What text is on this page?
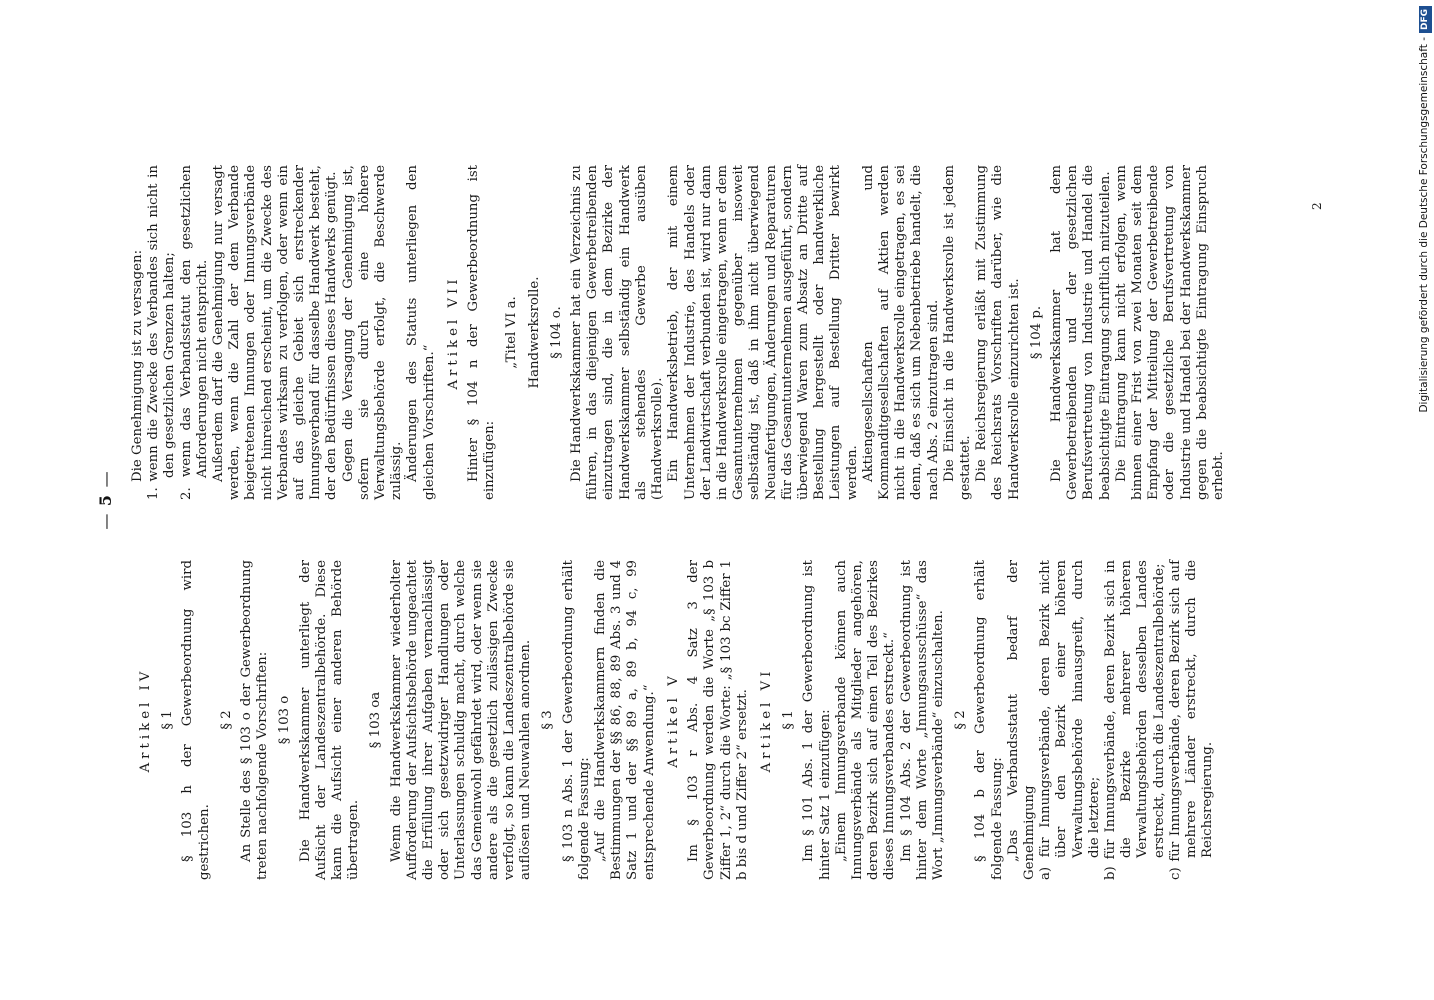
— 5 —
Artikel IV § 1 § 103 h der Gewerbeordnung wird gestrichen.

§ 2 An Stelle des § 103 o der Gewerbeordnung treten nachfolgende Vorschriften: § 103 o Die Handwerkskammer unterliegt der Aufsicht der Landeszentralbehörde. Diese kann die Aufsicht einer anderen Behörde übertragen.

§ 103 oa Wenn die Handwerkskammer wiederholter Aufforderung der Aufsichtsbehörde ungeachtet die Erfüllung ihrer Aufgaben vernachlässigt oder sich gesetzwidriger Handlungen oder Unterlassungen schuldig macht, durch welche das Gemeinwohl gefährdet wird, oder wenn sie andere als die gesetzlich zulässigen Zwecke verfolgt, so kann die Landeszentralbehörde sie auflösen und Neuwahlen anordnen. § 3 § 103 n Abs. 1 der Gewerbeordnung erhält folgende Fassung: „Auf die Handwerkskammern finden die Bestimmungen der §§ 86, 88, 89 Abs. 3 und 4 Satz 1 und der §§ 89 a, 89 b, 94 c, 99 entsprechende Anwendung.“ Artikel V Im § 103 r Abs. 4 Satz 3 der Gewerbeordnung werden die Worte „§ 103 b Ziffer 1, 2“ durch die Worte: „§ 103 bc Ziffer 1 b bis d und Ziffer 2“ ersetzt. Artikel VI § 1 Im § 101 Abs. 1 der Gewerbeordnung ist hinter Satz 1 einzufügen: „Einem Innungsverbande können auch Innungsverbände als Mitglieder angehören, deren Bezirk sich auf einen Teil des Bezirkes dieses Innungsverbandes erstreckt.“ Im § 104 Abs. 2 der Gewerbeordnung ist hinter dem Worte „Innungsausschüsse“ das Wort „Innungsverbände“ einzuschalten. § 2 § 104 b der Gewerbeordnung erhält folgende Fassung: „Das Verbandsstatut bedarf der Genehmigung a) für Innungsverbände, deren Bezirk nicht über den Bezirk einer höheren Verwaltungsbehörde hinausgreift, durch die letztere; b) für Innungsverbände, deren Bezirk sich in die Bezirke mehrerer höheren Verwaltungsbehörden desselben Landes erstreckt, durch die Landeszentralbehörde; c) für Innungsverbände, deren Bezirk sich auf mehrere Länder erstreckt, durch die Reichsregierung.

Die Genehmigung ist zu versagen: 1. wenn die Zwecke des Verbandes sich nicht in den gesetzlichen Grenzen halten; 2. wenn das Verbandsstatut den gesetzlichen Anforderungen nicht entspricht. Außerdem darf die Genehmigung nur versagt werden, wenn die Zahl der dem Verbande beigetretenen Innungen oder Innungsverbände nicht hinreichend erscheint, um die Zwecke des Verbandes wirksam zu verfolgen, oder wenn ein auf das gleiche Gebiet sich erstreckender Innungsverband für dasselbe Handwerk besteht, der den Bedürfnissen dieses Handwerks genügt. Gegen die Versagung der Genehmigung ist, sofern sie durch eine höhere Verwaltungsbehörde erfolgt, die Beschwerde zulässig. Änderungen des Statuts unterliegen den gleichen Vorschriften.“

Artikel VII Hinter § 104 n der Gewerbeordnung ist einzufügen:

„Titel VI a. Handwerksrolle. § 104 o. Die Handwerkskammer hat ein Verzeichnis zu führen, in das diejenigen Gewerbetreibenden einzutragen sind, die in dem Bezirke der Handwerkskammer selbständig ein Handwerk als stehendes Gewerbe ausüben (Handwerksrolle). Ein Handwerksbetrieb, der mit einem Unternehmen der Industrie, des Handels oder der Landwirtschaft verbunden ist, wird nur dann in die Handwerksrolle eingetragen, wenn er dem Gesamtunternehmen gegenüber insoweit selbständig ist, daß in ihm nicht überwiegend Neuanfertigungen, Änderungen und Reparaturen für das Gesamtunternehmen ausgeführt, sondern überwiegend Waren zum Absatz an Dritte auf Bestellung hergestellt oder handwerkliche Leistungen auf Bestellung Dritter bewirkt werden. Aktiengesellschaften und Kommanditgesellschaften auf Aktien werden nicht in die Handwerksrolle eingetragen, es sei denn, daß es sich um Nebenbetriebe handelt, die nach Abs. 2 einzutragen sind. Die Einsicht in die Handwerksrolle ist jedem gestattet. Die Reichsregierung erläßt mit Zustimmung des Reichsrats Vorschriften darüber, wie die Handwerksrolle einzurichten ist. § 104 p. Die Handwerkskammer hat dem Gewerbetreibenden und der gesetzlichen Berufsvertretung von Industrie und Handel die beabsichtigte Eintragung schriftlich mitzuteilen. Die Eintragung kann nicht erfolgen, wenn binnen einer Frist von zwei Monaten seit dem Empfang der Mitteilung der Gewerbetreibende oder die gesetzliche Berufsvertretung von Industrie und Handel bei der Handwerkskammer gegen die beabsichtigte Eintragung Einspruch erhebt.

2	Digitalisierung gefördert durch die Deutsche Forschungsgemeinschaft -DFG
